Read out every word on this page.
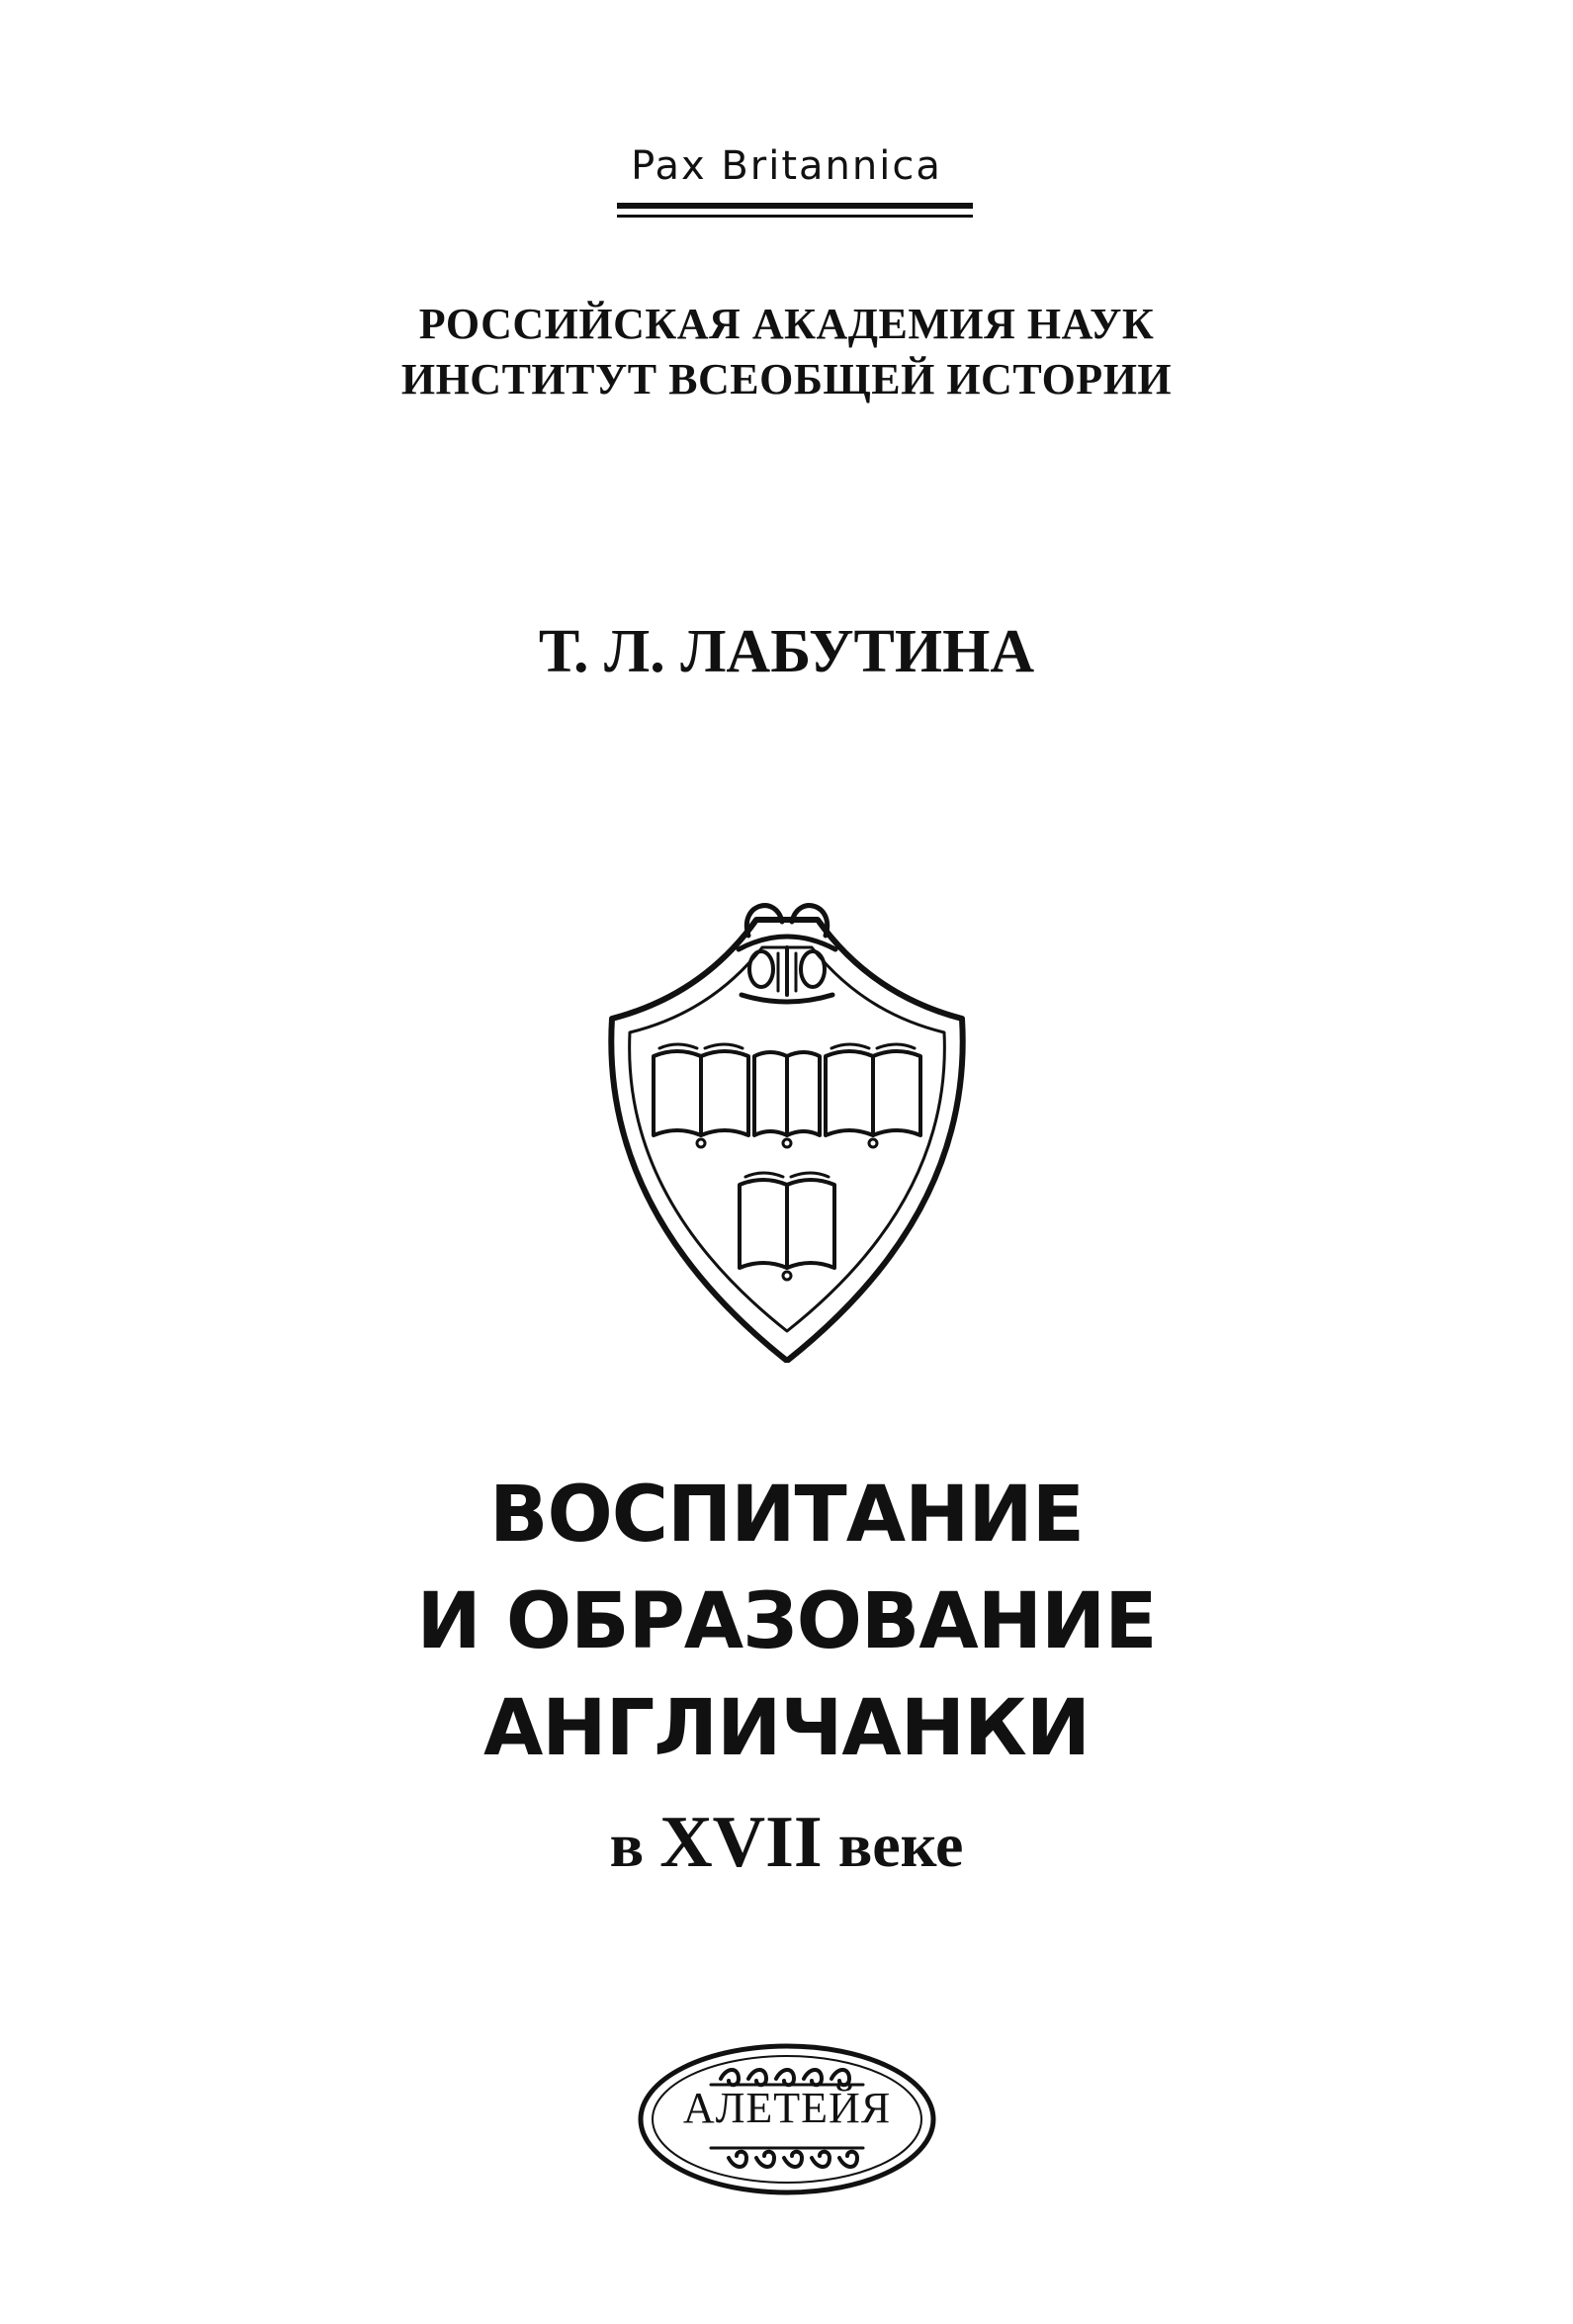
Pax Britannica
РОССИЙСКАЯ АКАДЕМИЯ НАУК
ИНСТИТУТ ВСЕОБЩЕЙ ИСТОРИИ
Т. Л. ЛАБУТИНА
ВОСПИТАНИЕ
И ОБРАЗОВАНИЕ
АНГЛИЧАНКИ
в XVII веке
АЛЕТЕЙЯ
